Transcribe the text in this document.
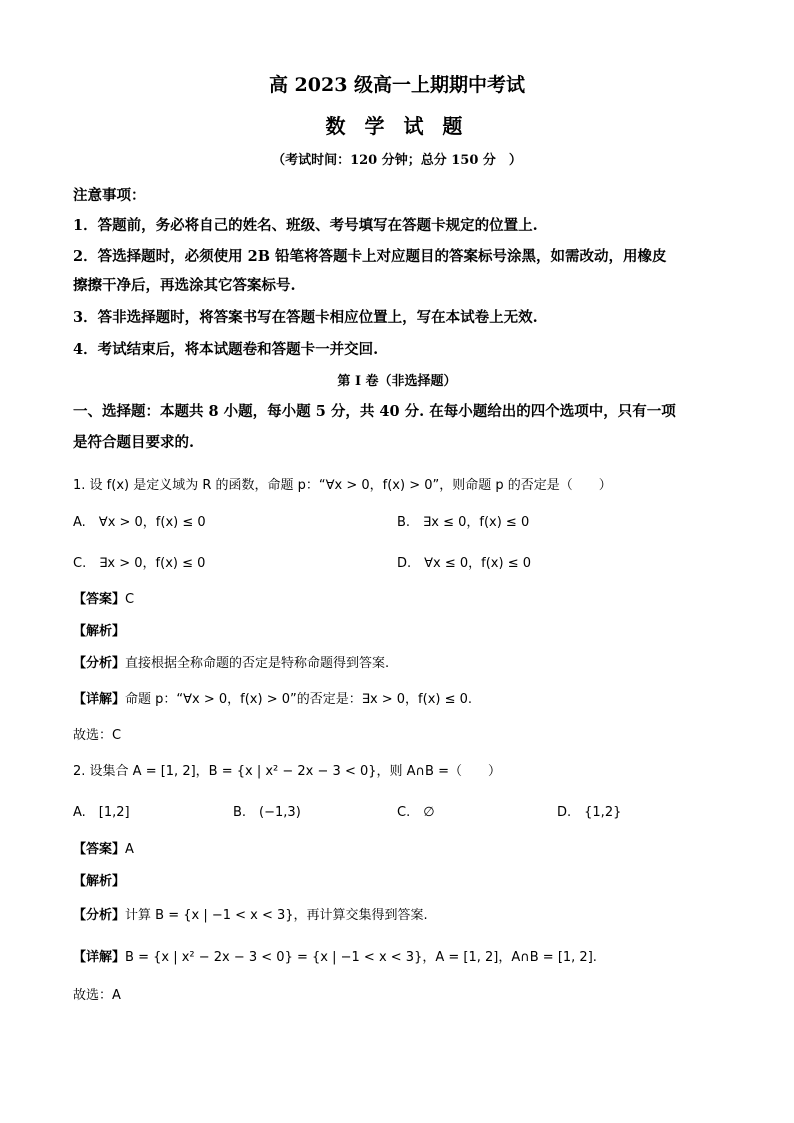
高 2023 级高一上期期中考试
数 学 试 题
（考试时间：120 分钟；总分 150 分　）
注意事项：
1．答题前，务必将自己的姓名、班级、考号填写在答题卡规定的位置上.
2．答选择题时，必须使用 2B 铅笔将答题卡上对应题目的答案标号涂黑，如需改动，用橡皮
擦擦干净后，再选涂其它答案标号.
3．答非选择题时，将答案书写在答题卡相应位置上，写在本试卷上无效.
4．考试结束后，将本试题卷和答题卡一并交回.
第 I 卷（非选择题）
一、选择题：本题共 8 小题，每小题 5 分，共 40 分. 在每小题给出的四个选项中，只有一项
是符合题目要求的.
1. 设 f(x) 是定义域为 R 的函数，命题 p：“∀x > 0，f(x) > 0”，则命题 p 的否定是（　　）
A.　∀x > 0，f(x) ≤ 0	B.　∃x ≤ 0，f(x) ≤ 0
C.　∃x > 0，f(x) ≤ 0	D.　∀x ≤ 0，f(x) ≤ 0
【答案】C
【解析】
【分析】直接根据全称命题的否定是特称命题得到答案.
【详解】命题 p：“∀x > 0，f(x) > 0”的否定是：∃x > 0，f(x) ≤ 0.
故选：C
2. 设集合 A = [1, 2]，B = {x | x² − 2x − 3 < 0}，则 A∩B =（　　）
A.　[1,2]	B.　(−1,3)	C.　∅	D.　{1,2}
【答案】A
【解析】
【分析】计算 B = {x | −1 < x < 3}，再计算交集得到答案.
【详解】B = {x | x² − 2x − 3 < 0} = {x | −1 < x < 3}，A = [1, 2]，A∩B = [1, 2].
故选：A
